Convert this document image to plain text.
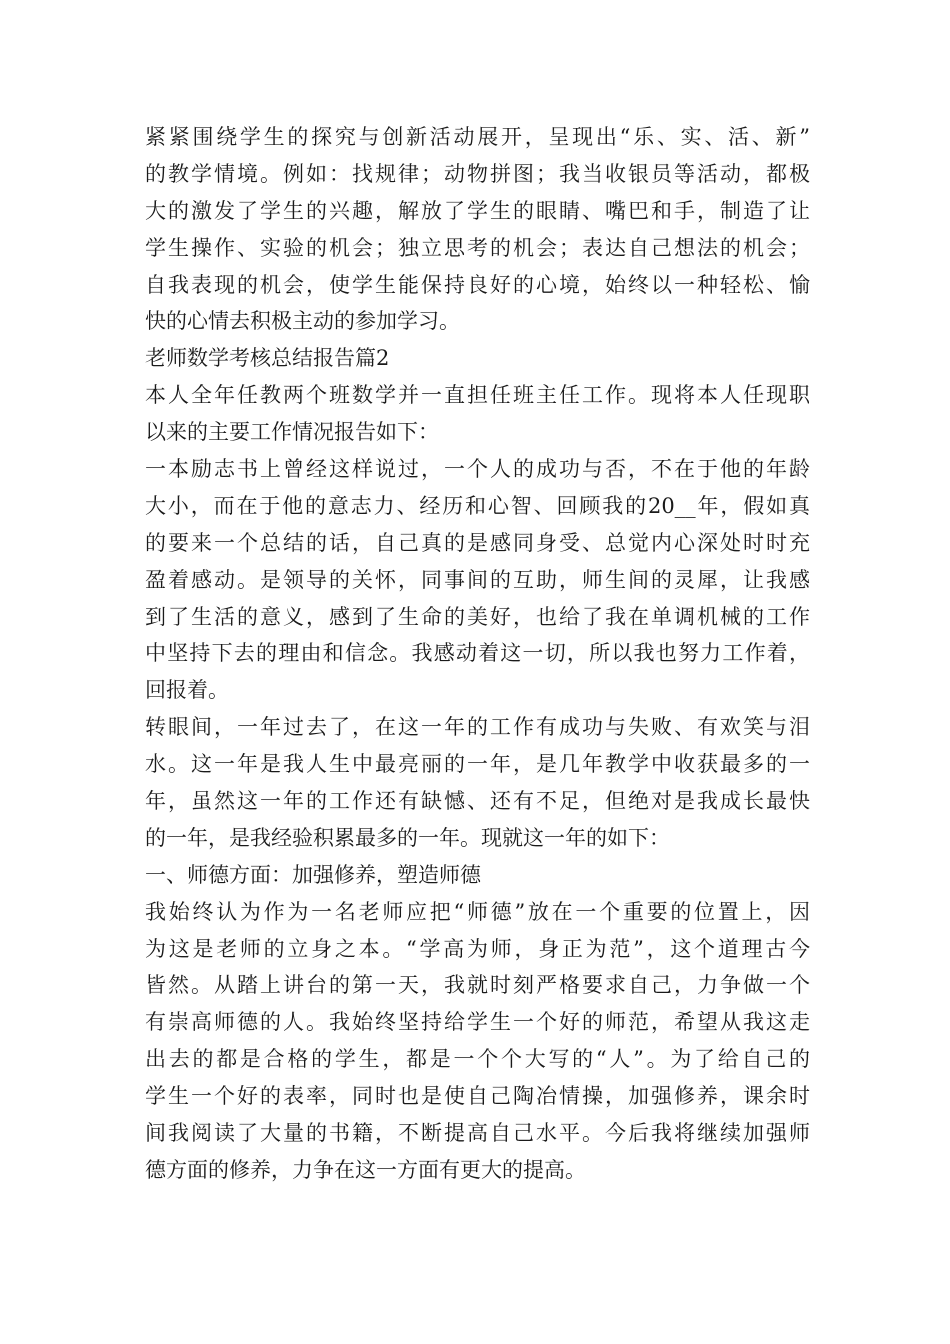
紧紧围绕学生的探究与创新活动展开，呈现出“乐、实、活、新”
的教学情境。例如：找规律；动物拼图；我当收银员等活动，都极
大的激发了学生的兴趣，解放了学生的眼睛、嘴巴和手，制造了让
学生操作、实验的机会；独立思考的机会；表达自己想法的机会；
自我表现的机会，使学生能保持良好的心境，始终以一种轻松、愉
快的心情去积极主动的参加学习。
老师数学考核总结报告篇2
本人全年任教两个班数学并一直担任班主任工作。现将本人任现职
以来的主要工作情况报告如下：
一本励志书上曾经这样说过，一个人的成功与否，不在于他的年龄
大小，而在于他的意志力、经历和心智、回顾我的20__年，假如真
的要来一个总结的话，自己真的是感同身受、总觉内心深处时时充
盈着感动。是领导的关怀，同事间的互助，师生间的灵犀，让我感
到了生活的意义，感到了生命的美好，也给了我在单调机械的工作
中坚持下去的理由和信念。我感动着这一切，所以我也努力工作着，
回报着。
转眼间，一年过去了，在这一年的工作有成功与失败、有欢笑与泪
水。这一年是我人生中最亮丽的一年，是几年教学中收获最多的一
年，虽然这一年的工作还有缺憾、还有不足，但绝对是我成长最快
的一年，是我经验积累最多的一年。现就这一年的如下：
一、师德方面：加强修养，塑造师德
我始终认为作为一名老师应把“师德”放在一个重要的位置上，因
为这是老师的立身之本。“学高为师，身正为范”，这个道理古今
皆然。从踏上讲台的第一天，我就时刻严格要求自己，力争做一个
有崇高师德的人。我始终坚持给学生一个好的师范，希望从我这走
出去的都是合格的学生，都是一个个大写的“人”。为了给自己的
学生一个好的表率，同时也是使自己陶冶情操，加强修养，课余时
间我阅读了大量的书籍，不断提高自己水平。今后我将继续加强师
德方面的修养，力争在这一方面有更大的提高。
